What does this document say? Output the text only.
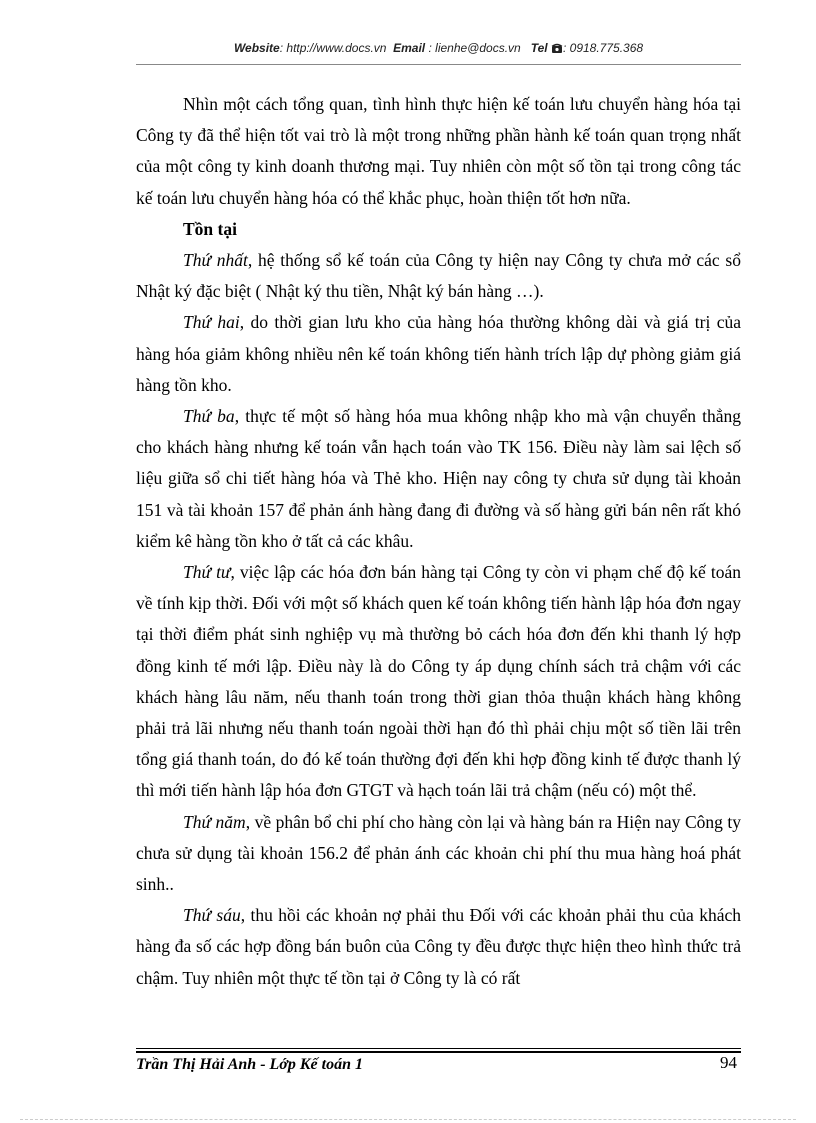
Website: http://www.docs.vn Email : lienhe@docs.vn Tel : 0918.775.368

Nhìn một cách tổng quan, tình hình thực hiện kế toán lưu chuyển hàng hóa tại Công ty đã thể hiện tốt vai trò là một trong những phần hành kế toán quan trọng nhất của một công ty kinh doanh thương mại. Tuy nhiên còn một số tồn tại trong công tác kế toán lưu chuyển hàng hóa có thể khắc phục, hoàn thiện tốt hơn nữa.

Tồn tại

Thứ nhất, hệ thống sổ kế toán của Công ty hiện nay Công ty chưa mở các sổ Nhật ký đặc biệt ( Nhật ký thu tiền, Nhật ký bán hàng …).

Thứ hai, do thời gian lưu kho của hàng hóa thường không dài và giá trị của hàng hóa giảm không nhiều nên kế toán không tiến hành trích lập dự phòng giảm giá hàng tồn kho.

Thứ ba, thực tế một số hàng hóa mua không nhập kho mà vận chuyển thẳng cho khách hàng nhưng kế toán vẫn hạch toán vào TK 156. Điều này làm sai lệch số liệu giữa sổ chi tiết hàng hóa và Thẻ kho. Hiện nay công ty chưa sử dụng tài khoản 151 và tài khoản 157 để phản ánh hàng đang đi đường và số hàng gửi bán nên rất khó kiểm kê hàng tồn kho ở tất cả các khâu.

Thứ tư, việc lập các hóa đơn bán hàng tại Công ty còn vi phạm chế độ kế toán về tính kịp thời. Đối với một số khách quen kế toán không tiến hành lập hóa đơn ngay tại thời điểm phát sinh nghiệp vụ mà thường bỏ cách hóa đơn đến khi thanh lý hợp đồng kinh tế mới lập. Điều này là do Công ty áp dụng chính sách trả chậm với các khách hàng lâu năm, nếu thanh toán trong thời gian thỏa thuận khách hàng không phải trả lãi nhưng nếu thanh toán ngoài thời hạn đó thì phải chịu một số tiền lãi trên tổng giá thanh toán, do đó kế toán thường đợi đến khi hợp đồng kinh tế được thanh lý thì mới tiến hành lập hóa đơn GTGT và hạch toán lãi trả chậm (nếu có) một thể.

Thứ năm, về phân bổ chi phí cho hàng còn lại và hàng bán ra Hiện nay Công ty chưa sử dụng tài khoản 156.2 để phản ánh các khoản chi phí thu mua hàng hoá phát sinh..

Thứ sáu, thu hồi các khoản nợ phải thu Đối với các khoản phải thu của khách hàng đa số các hợp đồng bán buôn của Công ty đều được thực hiện theo hình thức trả chậm. Tuy nhiên một thực tế tồn tại ở Công ty là có rất

Trần Thị Hải Anh - Lớp Kế toán 1	94
